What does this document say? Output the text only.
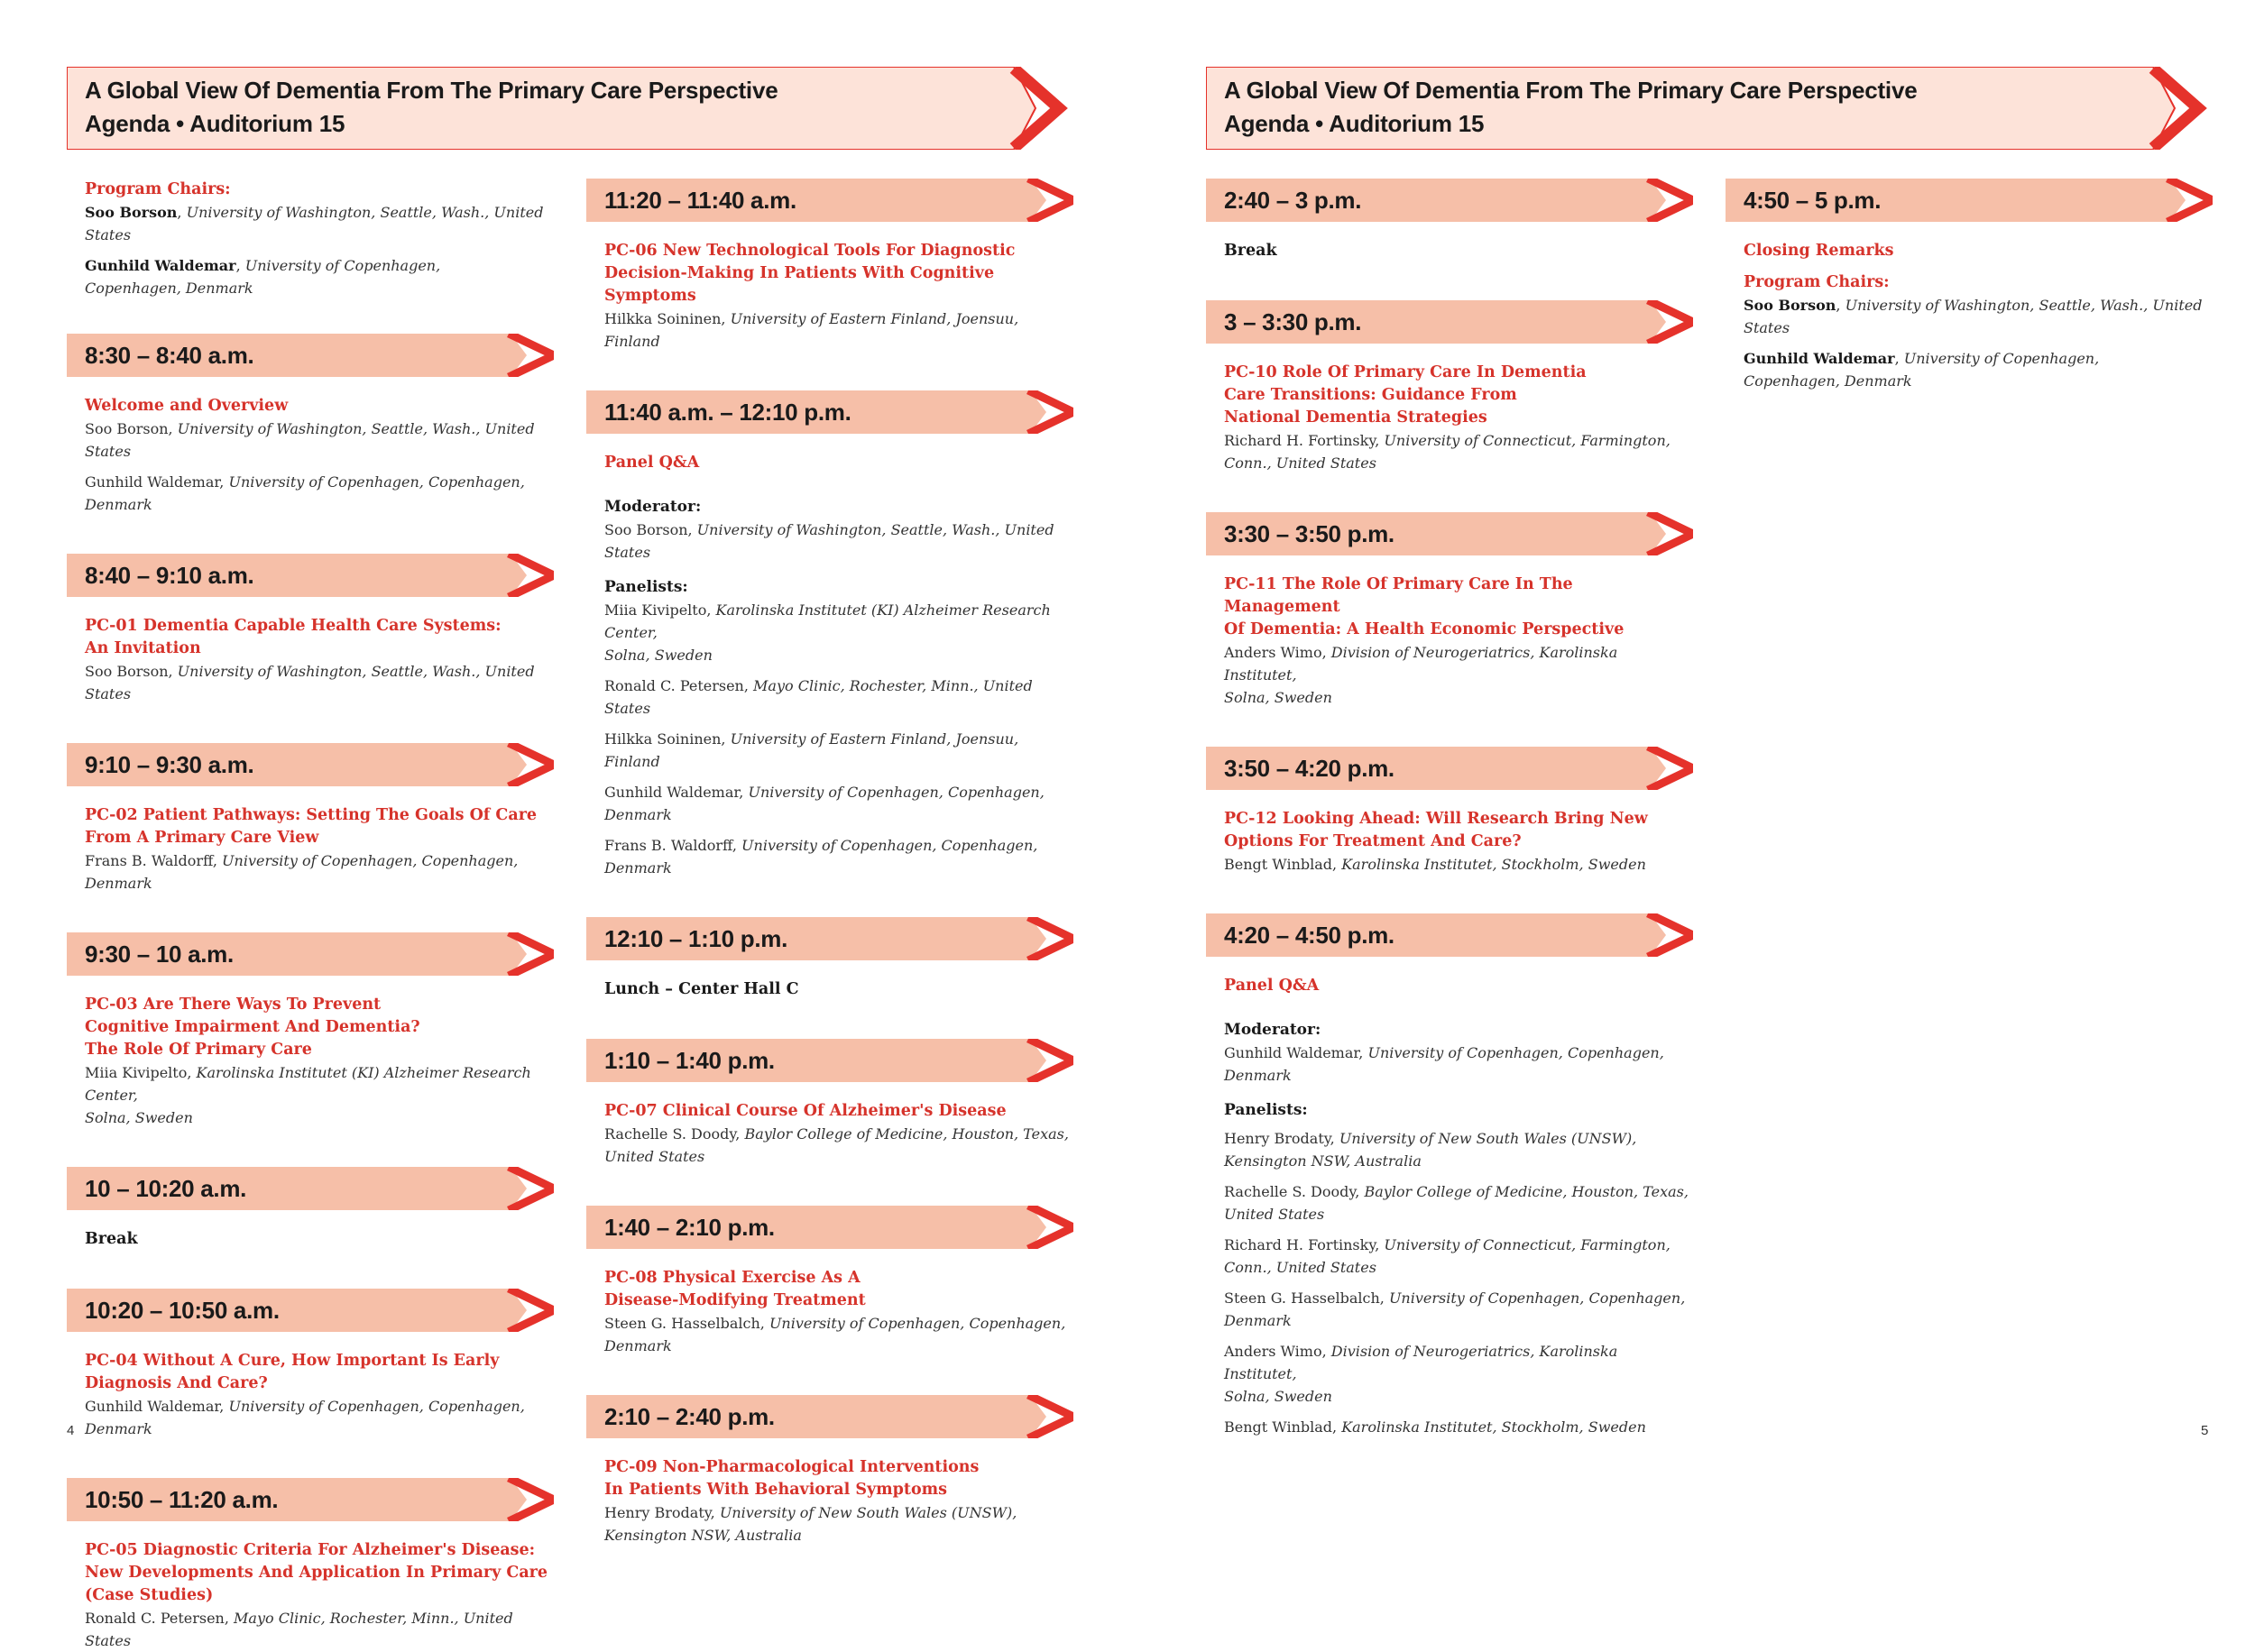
A Global View Of Dementia From The Primary Care Perspective
Agenda • Auditorium 15
A Global View Of Dementia From The Primary Care Perspective
Agenda • Auditorium 15
Program Chairs:

Soo Borson, University of Washington, Seattle, Wash., United States

Gunhild Waldemar, University of Copenhagen,
Copenhagen, Denmark

8:30 – 8:40 a.m.

Welcome and Overview

Soo Borson, University of Washington, Seattle, Wash., United States

Gunhild Waldemar, University of Copenhagen, Copenhagen, Denmark

8:40 – 9:10 a.m.

PC-01 Dementia Capable Health Care Systems:
An Invitation

Soo Borson, University of Washington, Seattle, Wash., United States

9:10 – 9:30 a.m.

PC-02 Patient Pathways: Setting The Goals Of Care
From A Primary Care View

Frans B. Waldorff, University of Copenhagen, Copenhagen, Denmark

9:30 – 10 a.m.

PC-03 Are There Ways To Prevent
Cognitive Impairment And Dementia?
The Role Of Primary Care

Miia Kivipelto, Karolinska Institutet (KI) Alzheimer Research Center,
Solna, Sweden

10 – 10:20 a.m.
Break
10:20 – 10:50 a.m.

PC-04 Without A Cure, How Important Is Early
Diagnosis And Care?

Gunhild Waldemar, University of Copenhagen, Copenhagen, Denmark

10:50 – 11:20 a.m.

PC-05 Diagnostic Criteria For Alzheimer's Disease:
New Developments And Application In Primary Care
(Case Studies)

Ronald C. Petersen, Mayo Clinic, Rochester, Minn., United States

11:20 – 11:40 a.m.

PC-06 New Technological Tools For Diagnostic
Decision-Making In Patients With Cognitive Symptoms

Hilkka Soininen, University of Eastern Finland, Joensuu, Finland

11:40 a.m. – 12:10 p.m.

Panel Q&A

Moderator:

Soo Borson, University of Washington, Seattle, Wash., United States

Panelists:

Miia Kivipelto, Karolinska Institutet (KI) Alzheimer Research Center,
Solna, Sweden

Ronald C. Petersen, Mayo Clinic, Rochester, Minn., United States

Hilkka Soininen, University of Eastern Finland, Joensuu, Finland

Gunhild Waldemar, University of Copenhagen, Copenhagen, Denmark

Frans B. Waldorff, University of Copenhagen, Copenhagen, Denmark

12:10 – 1:10 p.m.
Lunch – Center Hall C
1:10 – 1:40 p.m.

PC-07 Clinical Course Of Alzheimer's Disease

Rachelle S. Doody, Baylor College of Medicine, Houston, Texas,
United States

1:40 – 2:10 p.m.

PC-08 Physical Exercise As A
Disease-Modifying Treatment

Steen G. Hasselbalch, University of Copenhagen, Copenhagen, Denmark

2:10 – 2:40 p.m.

PC-09 Non-Pharmacological Interventions
In Patients With Behavioral Symptoms

Henry Brodaty, University of New South Wales (UNSW),
Kensington NSW, Australia

2:40 – 3 p.m.
Break
3 – 3:30 p.m.

PC-10 Role Of Primary Care In Dementia
Care Transitions: Guidance From
National Dementia Strategies

Richard H. Fortinsky, University of Connecticut, Farmington,
Conn., United States

3:30 – 3:50 p.m.

PC-11 The Role Of Primary Care In The Management
Of Dementia: A Health Economic Perspective

Anders Wimo, Division of Neurogeriatrics, Karolinska Institutet,
Solna, Sweden

3:50 – 4:20 p.m.

PC-12 Looking Ahead: Will Research Bring New
Options For Treatment And Care?

Bengt Winblad, Karolinska Institutet, Stockholm, Sweden

4:20 – 4:50 p.m.

Panel Q&A

Moderator:

Gunhild Waldemar, University of Copenhagen, Copenhagen, Denmark

Panelists:

Henry Brodaty, University of New South Wales (UNSW),
Kensington NSW, Australia

Rachelle S. Doody, Baylor College of Medicine, Houston, Texas,
United States

Richard H. Fortinsky, University of Connecticut, Farmington,
Conn., United States

Steen G. Hasselbalch, University of Copenhagen, Copenhagen, Denmark

Anders Wimo, Division of Neurogeriatrics, Karolinska Institutet,
Solna, Sweden

Bengt Winblad, Karolinska Institutet, Stockholm, Sweden

4:50 – 5 p.m.

Closing Remarks

Program Chairs:

Soo Borson, University of Washington, Seattle, Wash., United States

Gunhild Waldemar, University of Copenhagen,
Copenhagen, Denmark

4	5
